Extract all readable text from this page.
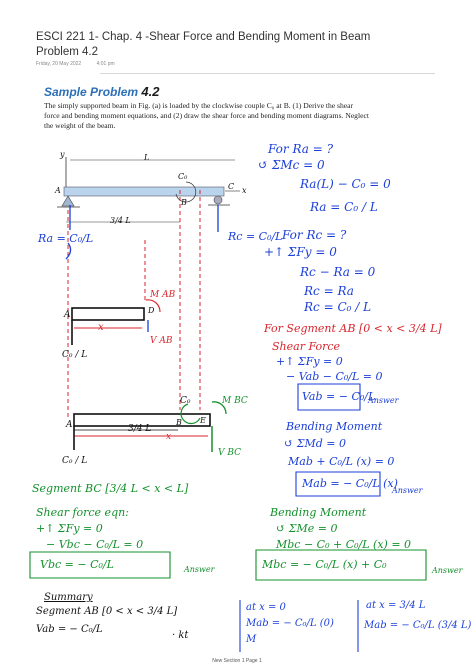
ESCI 221 1- Chap. 4 -Shear Force and Bending Moment in Beam
Problem 4.2
Friday, 20 May 2022	4:01 pm
Sample Problem 4.2
The simply supported beam in Fig. (a) is loaded by the clockwise couple C₀ at B. (1) Derive the shear force and bending moment equations, and (2) draw the shear force and bending moment diagrams. Neglect the weight of the beam.
y	L
C₀
A
B
C x
3/4 L
Ra = C₀/L	Rc = C₀/L
For Ra = ?
↺ ΣMc = 0
Ra(L) − C₀ = 0
Ra = C₀ / L
For Rc = ?
+↑ ΣFy = 0
Rc − Ra = 0
Rc = Ra
Rc = C₀ / L
A
x
M AB
D
V AB
C₀ / L
For Segment AB [0 < x < 3/4 L]
Shear Force
+↑ ΣFy = 0
− Vab − C₀/L = 0
Vab = − C₀/L
Answer
Bending Moment
↺ ΣMd = 0
Mab + C₀/L (x) = 0
Mab = − C₀/L (x)
Answer
C₀
B E
M BC
V BC
A	3/4 L
x
C₀ / L
Segment BC [3/4 L < x < L]
Shear force eqn:
+↑ ΣFy = 0
− Vbc − C₀/L = 0
Vbc = − C₀/L	Answer
Bending Moment
↺ ΣMe = 0
Mbc − C₀ + C₀/L (x) = 0
Mbc = − C₀/L (x) + C₀	Answer
Summary
Segment AB [0 < x < 3/4 L]
Vab = − C₀/L
· kt
at x = 0
Mab = − C₀/L (0)
M
at x = 3/4 L
Mab = − C₀/L (3/4 L)
New Section 1 Page 1
